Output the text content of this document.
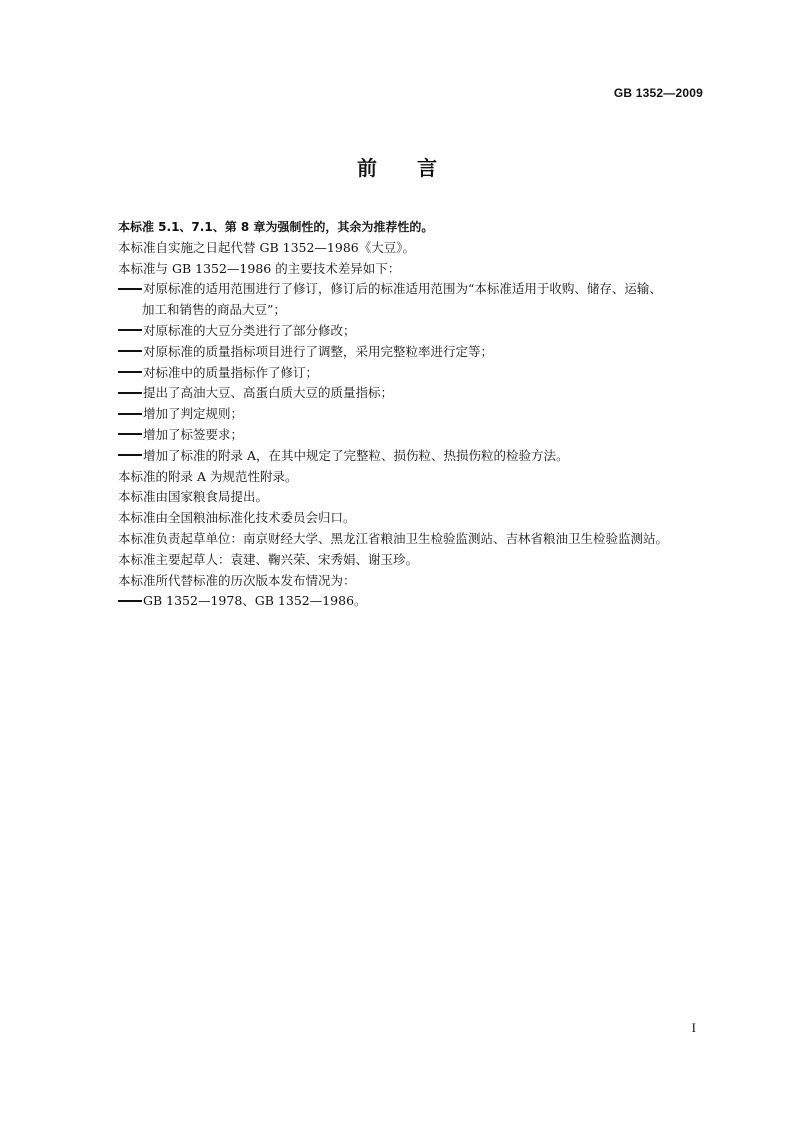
GB 1352—2009
前 言
本标准 5.1、7.1、第 8 章为强制性的，其余为推荐性的。
本标准自实施之日起代替 GB 1352—1986《大豆》。
本标准与 GB 1352—1986 的主要技术差异如下：
对原标准的适用范围进行了修订，修订后的标准适用范围为“本标准适用于收购、储存、运输、
加工和销售的商品大豆”；
对原标准的大豆分类进行了部分修改；
对原标准的质量指标项目进行了调整，采用完整粒率进行定等；
对标准中的质量指标作了修订；
提出了高油大豆、高蛋白质大豆的质量指标；
增加了判定规则；
增加了标签要求；
增加了标准的附录 A，在其中规定了完整粒、损伤粒、热损伤粒的检验方法。
本标准的附录 A 为规范性附录。
本标准由国家粮食局提出。
本标准由全国粮油标准化技术委员会归口。
本标准负责起草单位：南京财经大学、黑龙江省粮油卫生检验监测站、吉林省粮油卫生检验监测站。
本标准主要起草人：袁建、鞠兴荣、宋秀娟、谢玉珍。
本标准所代替标准的历次版本发布情况为：
GB 1352—1978、GB 1352—1986。
I
